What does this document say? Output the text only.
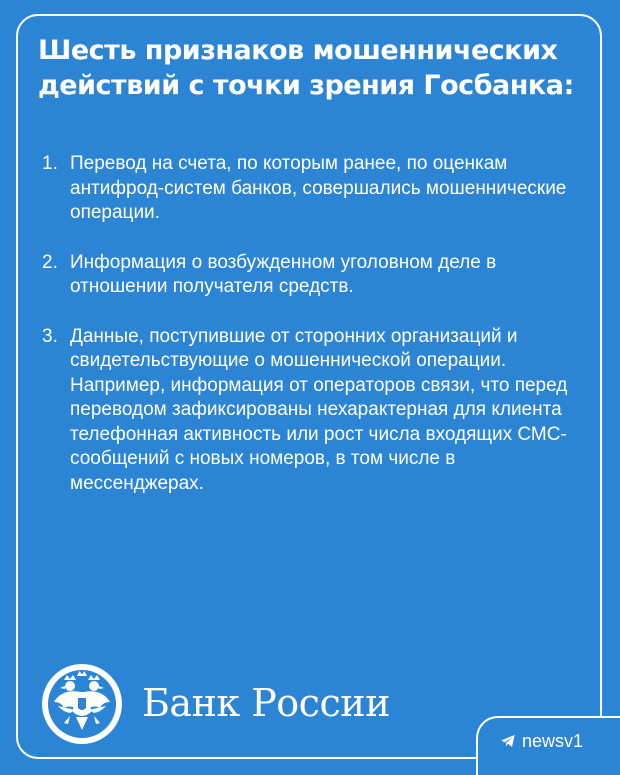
Шесть признаков мошеннических действий с точки зрения Госбанка:
1. Перевод на счета, по которым ранее, по оценкам антифрод-систем банков, совершались мошеннические операции.
2. Информация о возбужденном уголовном деле в отношении получателя средств.
3. Данные, поступившие от сторонних организаций и свидетельствующие о мошеннической операции. Например, информация от операторов связи, что перед переводом зафиксированы нехарактерная для клиента телефонная активность или рост числа входящих СМС-сообщений с новых номеров, в том числе в мессенджерах.
Банк России
newsv1
